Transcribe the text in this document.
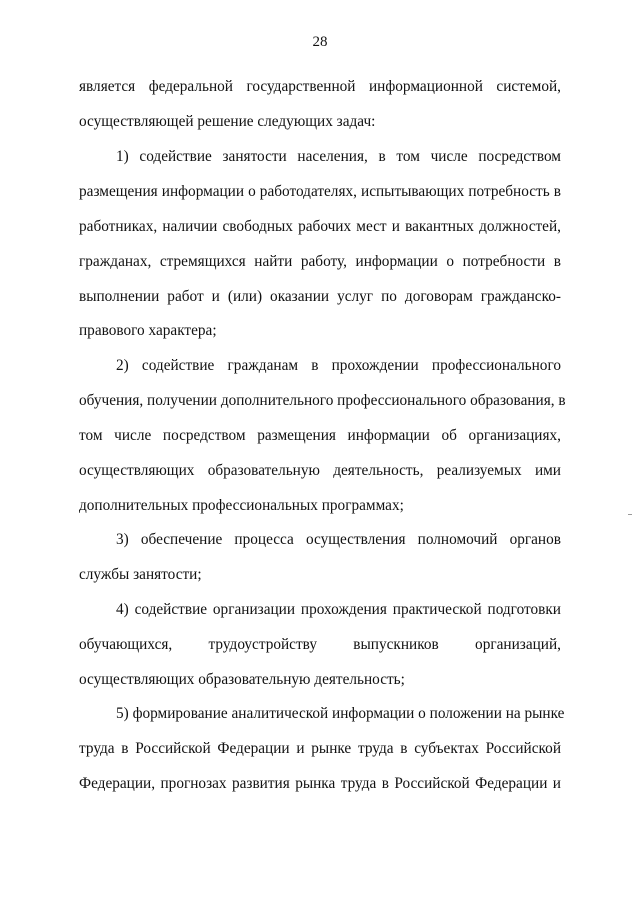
28
является федеральной государственной информационной системой,
осуществляющей решение следующих задач:
1) содействие занятости населения, в том числе посредством
размещения информации о работодателях, испытывающих потребность в
работниках, наличии свободных рабочих мест и вакантных должностей,
гражданах, стремящихся найти работу, информации о потребности в
выполнении работ и (или) оказании услуг по договорам гражданско-
правового характера;
2) содействие гражданам в прохождении профессионального
обучения, получении дополнительного профессионального образования, в
том числе посредством размещения информации об организациях,
осуществляющих образовательную деятельность, реализуемых ими
дополнительных профессиональных программах;
3) обеспечение процесса осуществления полномочий органов
службы занятости;
4) содействие организации прохождения практической подготовки
обучающихся, трудоустройству выпускников организаций,
осуществляющих образовательную деятельность;
5) формирование аналитической информации о положении на рынке
труда в Российской Федерации и рынке труда в субъектах Российской
Федерации, прогнозах развития рынка труда в Российской Федерации и
